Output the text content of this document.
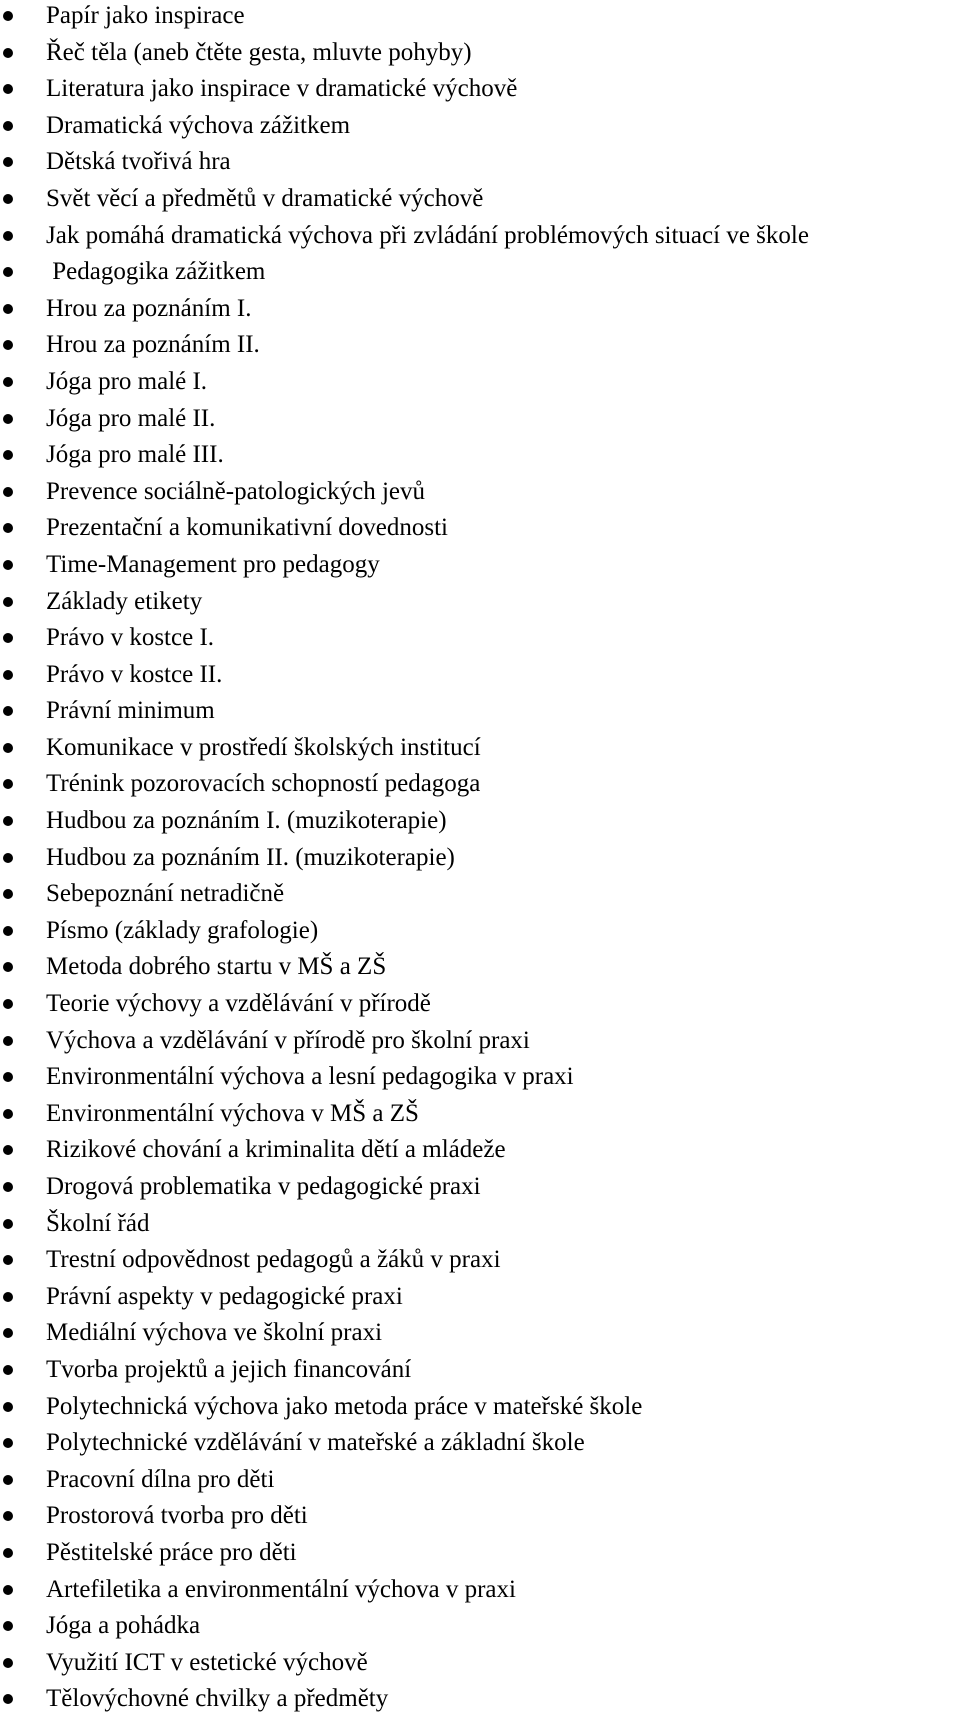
Papír jako inspirace
Řeč těla (aneb čtěte gesta, mluvte pohyby)
Literatura jako inspirace v dramatické výchově
Dramatická výchova zážitkem
Dětská tvořivá hra
Svět věcí a předmětů v dramatické výchově
Jak pomáhá dramatická výchova při zvládání problémových situací ve škole
Pedagogika zážitkem
Hrou za poznáním I.
Hrou za poznáním II.
Jóga pro malé I.
Jóga pro malé II.
Jóga pro malé III.
Prevence sociálně-patologických jevů
Prezentační a komunikativní dovednosti
Time-Management pro pedagogy
Základy etikety
Právo v kostce I.
Právo v kostce II.
Právní minimum
Komunikace v prostředí školských institucí
Trénink pozorovacích schopností pedagoga
Hudbou za poznáním I. (muzikoterapie)
Hudbou za poznáním II. (muzikoterapie)
Sebepoznání netradičně
Písmo (základy grafologie)
Metoda dobrého startu v MŠ a ZŠ
Teorie výchovy a vzdělávání v přírodě
Výchova a vzdělávání v přírodě pro školní praxi
Environmentální výchova a lesní pedagogika v praxi
Environmentální výchova v MŠ a ZŠ
Rizikové chování a kriminalita dětí a mládeže
Drogová problematika v pedagogické praxi
Školní řád
Trestní odpovědnost pedagogů a žáků v praxi
Právní aspekty v pedagogické praxi
Mediální výchova ve školní praxi
Tvorba projektů a jejich financování
Polytechnická výchova jako metoda práce v mateřské škole
Polytechnické vzdělávání v mateřské a základní škole
Pracovní dílna pro děti
Prostorová tvorba pro děti
Pěstitelské práce pro děti
Artefiletika a environmentální výchova v praxi
Jóga a pohádka
Využití ICT v estetické výchově
Tělovýchovné chvilky a předměty
